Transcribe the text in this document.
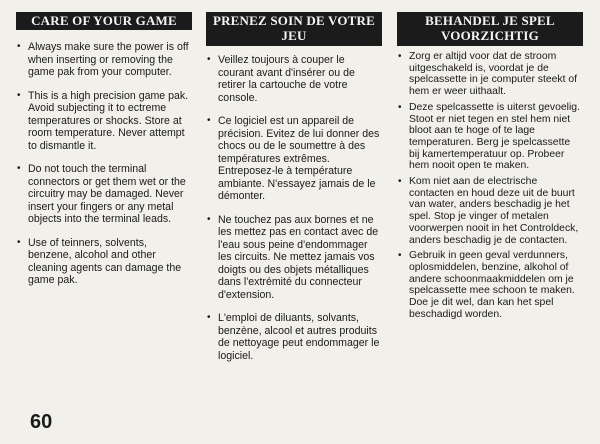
CARE OF YOUR GAME
• Always make sure the power is off when inserting or removing the game pak from your computer.
• This is a high precision game pak. Avoid subjecting it to ectreme temperatures or shocks. Store at room temperature. Never attempt to dismantle it.
• Do not touch the terminal connectors or get them wet or the circuitry may be damaged. Never insert your fingers or any metal objects into the terminal leads.
• Use of teinners, solvents, benzene, alcohol and other cleaning agents can damage the game pak.
PRENEZ SOIN DE VOTRE
JEU
• Veillez toujours à couper le courant avant d'insérer ou de retirer la cartouche de votre console.
• Ce logiciel est un appareil de précision. Evitez de lui donner des chocs ou de le soumettre à des températures extrêmes. Entreposez-le à température ambiante. N'essayez jamais de le démonter.
• Ne touchez pas aux bornes et ne les mettez pas en contact avec de l'eau sous peine d'endommager les circuits. Ne mettez jamais vos doigts ou des objets métalliques dans l'extrémité du connecteur d'extension.
• L'emploi de diluants, solvants, benzène, alcool et autres produits de nettoyage peut endommager le logiciel.
BEHANDEL JE SPEL
VOORZICHTIG
• Zorg er altijd voor dat de stroom uitgeschakeld is, voordat je de spelcassette in je computer steekt of hem er weer uithaalt.
• Deze spelcassette is uiterst gevoelig. Stoot er niet tegen en stel hem niet bloot aan te hoge of te lage temperaturen. Berg je spelcassette bij kamertemperatuur op. Probeer hem nooit open te maken.
• Kom niet aan de electrische contacten en houd deze uit de buurt van water, anders beschadig je het spel. Stop je vinger of metalen voorwerpen nooit in het Controldeck, anders beschadig je de contacten.
• Gebruik in geen geval verdunners, oplosmiddelen, benzine, alkohol of andere schoonmaakmiddelen om je spelcassette mee schoon te maken. Doe je dit wel, dan kan het spel beschadigd worden.
60
